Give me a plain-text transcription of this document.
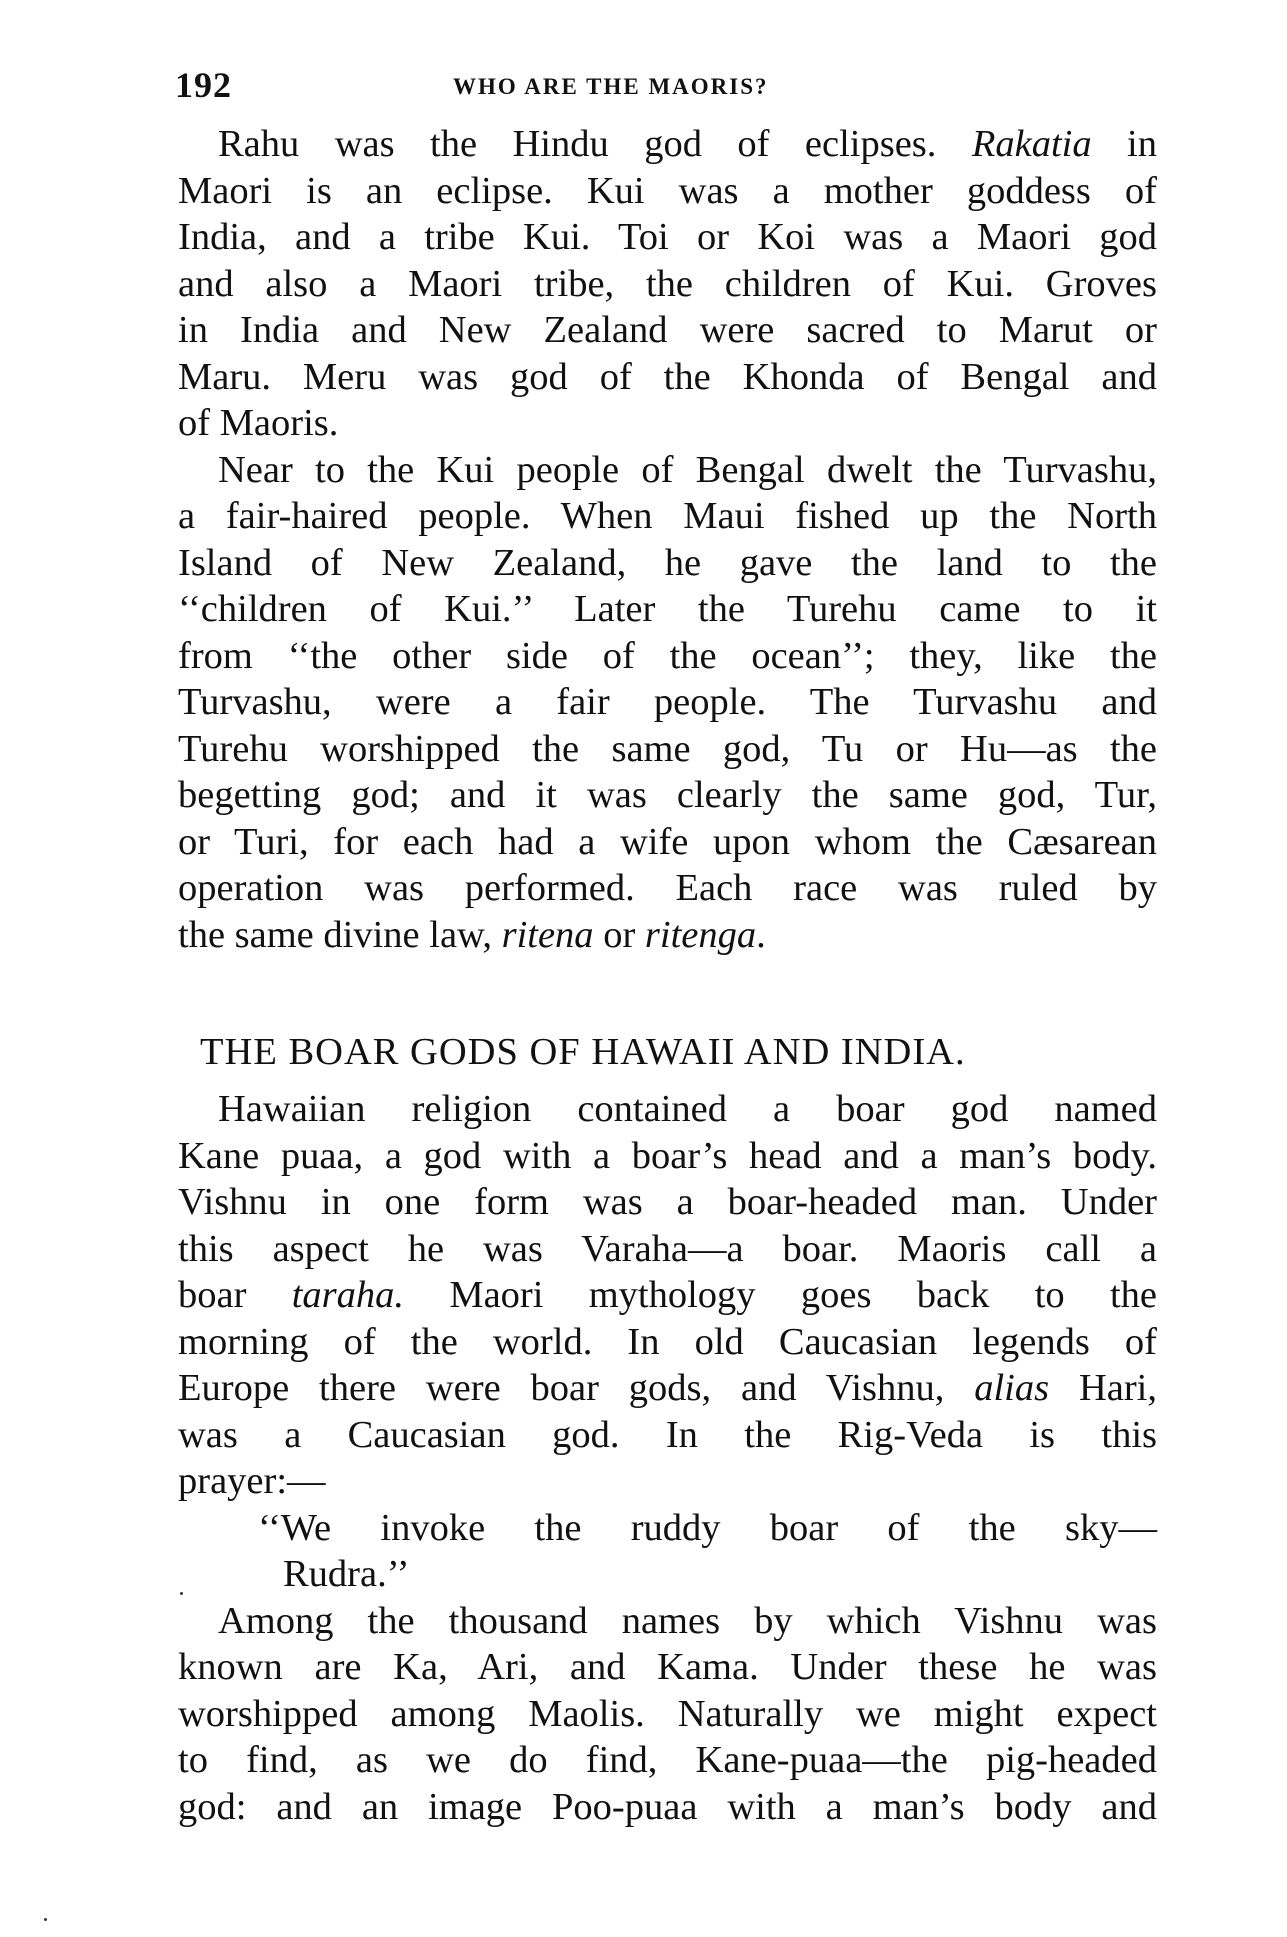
192	WHO ARE THE MAORIS?
Rahu was the Hindu god of eclipses. Rakatia in
Maori is an eclipse. Kui was a mother goddess of
India, and a tribe Kui. Toi or Koi was a Maori god
and also a Maori tribe, the children of Kui. Groves
in India and New Zealand were sacred to Marut or
Maru. Meru was god of the Khonda of Bengal and
of Maoris.
Near to the Kui people of Bengal dwelt the Turvashu,
a fair-haired people. When Maui fished up the North
Island of New Zealand, he gave the land to the
‘‘children of Kui.’’ Later the Turehu came to it
from ‘‘the other side of the ocean’’; they, like the
Turvashu, were a fair people. The Turvashu and
Turehu worshipped the same god, Tu or Hu—as the
begetting god; and it was clearly the same god, Tur,
or Turi, for each had a wife upon whom the Cæsarean
operation was performed. Each race was ruled by
the same divine law, ritena or ritenga.
THE BOAR GODS OF HAWAII AND INDIA.
Hawaiian religion contained a boar god named
Kane puaa, a god with a boar’s head and a man’s body.
Vishnu in one form was a boar-headed man. Under
this aspect he was Varaha—a boar. Maoris call a
boar taraha. Maori mythology goes back to the
morning of the world. In old Caucasian legends of
Europe there were boar gods, and Vishnu, alias Hari,
was a Caucasian god. In the Rig-Veda is this
prayer:—
‘‘We invoke the ruddy boar of the sky—
Rudra.’’
Among the thousand names by which Vishnu was
known are Ka, Ari, and Kama. Under these he was
worshipped among Maolis. Naturally we might expect
to find, as we do find, Kane-puaa—the pig-headed
god: and an image Poo-puaa with a man’s body and
